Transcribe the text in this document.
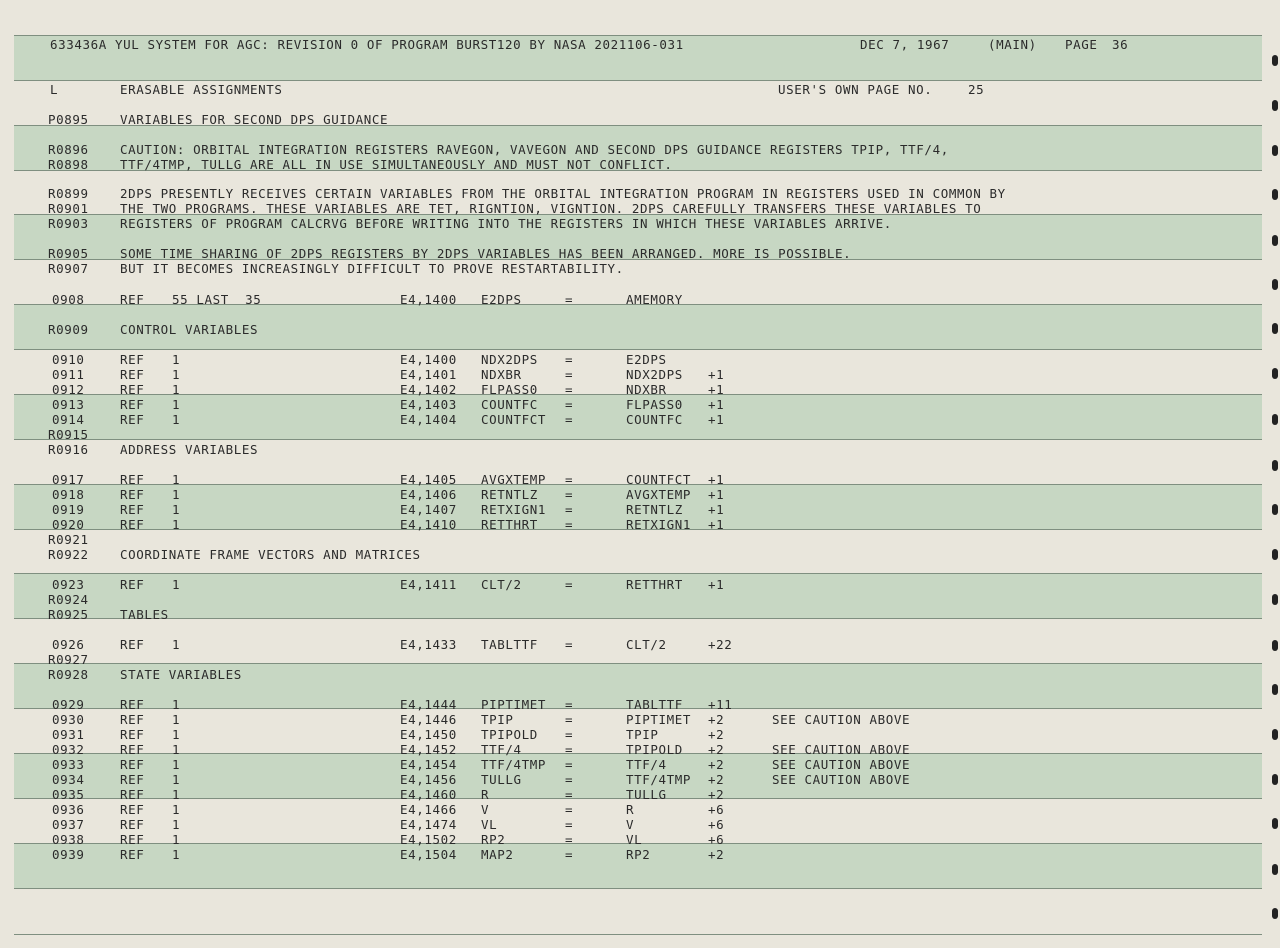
633436A YUL SYSTEM FOR AGC: REVISION 0 OF PROGRAM BURST120 BY NASA 2021106-031	DEC 7, 1967	(MAIN) PAGE 36
L	ERASABLE ASSIGNMENTS	USER'S OWN PAGE NO.	25
P0895	VARIABLES FOR SECOND DPS GUIDANCE
R0896	CAUTION: ORBITAL INTEGRATION REGISTERS RAVEGON, VAVEGON AND SECOND DPS GUIDANCE REGISTERS TPIP, TTF/4,
R0898	TTF/4TMP, TULLG ARE ALL IN USE SIMULTANEOUSLY AND MUST NOT CONFLICT.
R0899	2DPS PRESENTLY RECEIVES CERTAIN VARIABLES FROM THE ORBITAL INTEGRATION PROGRAM IN REGISTERS USED IN COMMON BY
R0901	THE TWO PROGRAMS. THESE VARIABLES ARE TET, RIGNTION, VIGNTION. 2DPS CAREFULLY TRANSFERS THESE VARIABLES TO
R0903	REGISTERS OF PROGRAM CALCRVG BEFORE WRITING INTO THE REGISTERS IN WHICH THESE VARIABLES ARRIVE.
R0905	SOME TIME SHARING OF 2DPS REGISTERS BY 2DPS VARIABLES HAS BEEN ARRANGED. MORE IS POSSIBLE.
R0907	BUT IT BECOMES INCREASINGLY DIFFICULT TO PROVE RESTARTABILITY.
0908	REF 55 LAST  35	E4,1400 E2DPS	=	AMEMORY
R0909	CONTROL VARIABLES
0910	REF 1	E4,1400 NDX2DPS =	E2DPS
0911	REF 1	E4,1401 NDXBR	=	NDX2DPS +1
0912	REF 1	E4,1402 FLPASS0 =	NDXBR	+1
0913	REF 1	E4,1403 COUNTFC =	FLPASS0 +1
0914	REF 1	E4,1404 COUNTFCT =	COUNTFC +1
R0915
R0916	ADDRESS VARIABLES
0917	REF 1	E4,1405 AVGXTEMP =	COUNTFCT +1
0918	REF 1	E4,1406 RETNTLZ =	AVGXTEMP +1
0919	REF 1	E4,1407 RETXIGN1 =	RETNTLZ +1
0920	REF 1	E4,1410 RETTHRT =	RETXIGN1 +1
R0921
R0922	COORDINATE FRAME VECTORS AND MATRICES
0923	REF 1	E4,1411 CLT/2	=	RETTHRT +1
R0924
R0925	TABLES
0926	REF 1	E4,1433 TABLTTF =	CLT/2	+22
R0927
R0928	STATE VARIABLES
0929	REF 1	E4,1444 PIPTIMET =	TABLTTF +11
0930	REF 1	E4,1446 TPIP	=	PIPTIMET +2	SEE CAUTION ABOVE
0931	REF 1	E4,1450 TPIPOLD =	TPIP	+2
0932	REF 1	E4,1452 TTF/4	=	TPIPOLD +2	SEE CAUTION ABOVE
0933	REF 1	E4,1454 TTF/4TMP =	TTF/4	+2	SEE CAUTION ABOVE
0934	REF 1	E4,1456 TULLG	=	TTF/4TMP +2	SEE CAUTION ABOVE
0935	REF 1	E4,1460 R	=	TULLG	+2
0936	REF 1	E4,1466 V	=	R	+6
0937	REF 1	E4,1474 VL	=	V	+6
0938	REF 1	E4,1502 RP2	=	VL	+6
0939	REF 1	E4,1504 MAP2	=	RP2	+2
